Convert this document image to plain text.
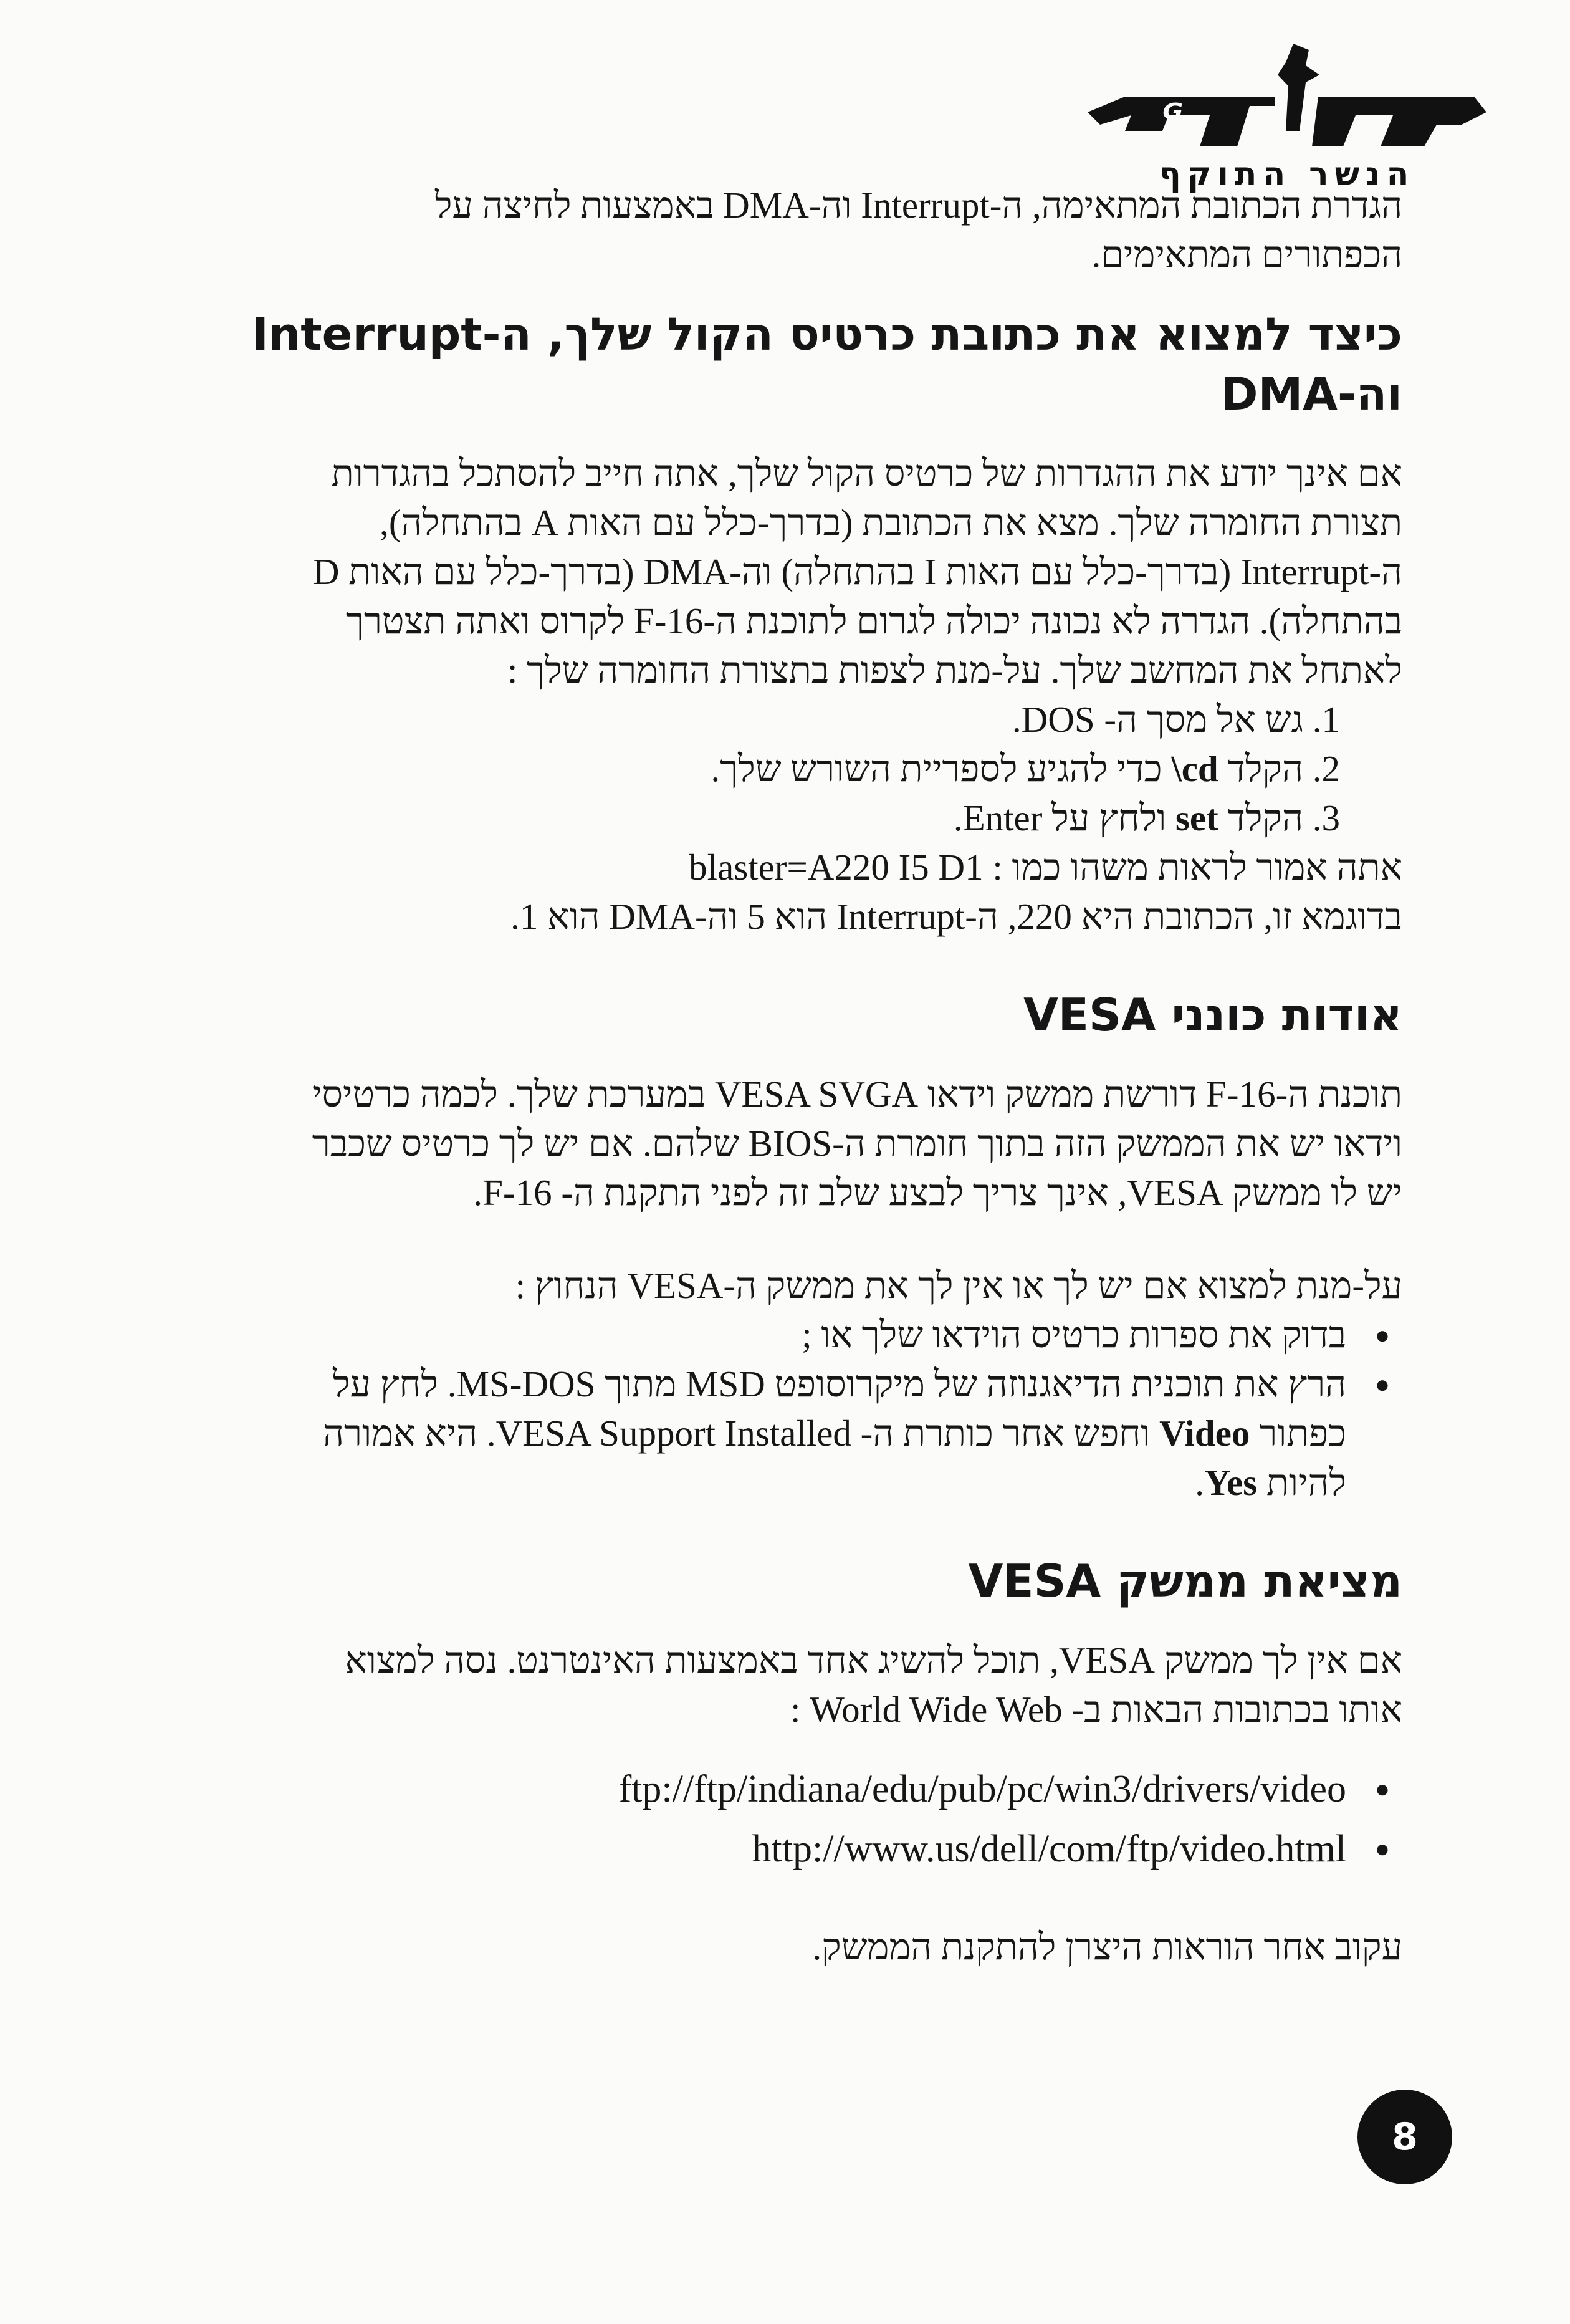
ᴳ
הנשר התוקף

הגדרת הכתובת המתאימה, ה-Interrupt וה-DMA באמצעות לחיצה על

הכפתורים המתאימים.

כיצד למצוא את כתובת כרטיס הקול שלך, ה-Interrupt
וה-DMA

אם אינך יודע את ההגדרות של כרטיס הקול שלך, אתה חייב להסתכל בהגדרות

תצורת החומרה שלך. מצא את הכתובת (בדרך-כלל עם האות A בהתחלה),

ה-Interrupt (בדרך-כלל עם האות I בהתחלה) וה-DMA (בדרך-כלל עם האות D

בהתחלה). הגדרה לא נכונה יכולה לגרום לתוכנת ה-F-16 לקרוס ואתה תצטרך

לאתחל את המחשב שלך. על-מנת לצפות בתצורת החומרה שלך :

1. גש אל מסך ה- DOS.
2. הקלד cd\ כדי להגיע לספריית השורש שלך.
3. הקלד set ולחץ על Enter.

אתה אמור לראות משהו כמו : blaster=A220 I5 D1

בדוגמא זו, הכתובת היא 220, ה-Interrupt הוא 5 וה-DMA הוא 1.

אודות כונני VESA

תוכנת ה-F-16 דורשת ממשק וידאו VESA SVGA במערכת שלך. לכמה כרטיסי

וידאו יש את הממשק הזה בתוך חומרת ה-BIOS שלהם. אם יש לך כרטיס שכבר

יש לו ממשק VESA, אינך צריך לבצע שלב זה לפני התקנת ה- F-16.

על-מנת למצוא אם יש לך או אין לך את ממשק ה-VESA הנחוץ :

● בדוק את ספרות כרטיס הוידאו שלך או ;
● הרץ את תוכנית הדיאגנוזה של מיקרוסופט MSD מתוך MS-DOS. לחץ על
כפתור Video וחפש אחר כותרת ה- VESA Support Installed. היא אמורה
להיות Yes.
מציאת ממשק VESA

אם אין לך ממשק VESA, תוכל להשיג אחד באמצעות האינטרנט. נסה למצוא

אותו בכתובות הבאות ב- World Wide Web :

● ftp://ftp/indiana/edu/pub/pc/win3/drivers/video
● http://www.us/dell/com/ftp/video.html

עקוב אחר הוראות היצרן להתקנת הממשק.

8
